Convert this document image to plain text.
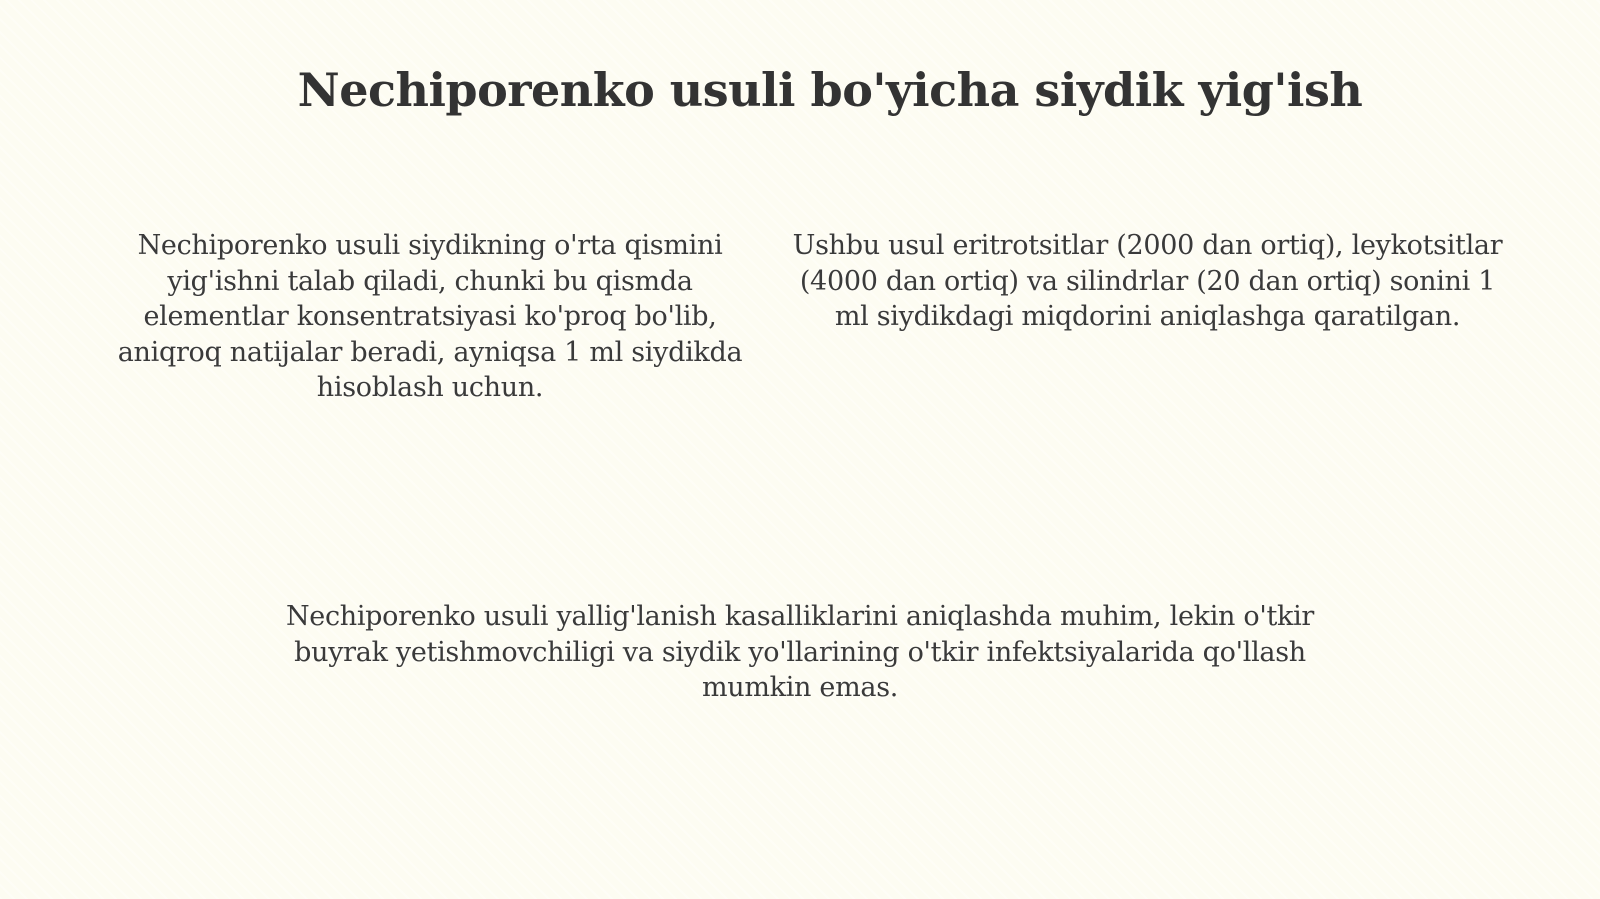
Nechiporenko usuli bo'yicha siydik yig'ish

Nechiporenko usuli siydikning o'rta qismini yig'ishni talab qiladi, chunki bu qismda elementlar konsentratsiyasi ko'proq bo'lib, aniqroq natijalar beradi, ayniqsa 1 ml siydikda hisoblash uchun.

Ushbu usul eritrotsitlar (2000 dan ortiq), leykotsitlar (4000 dan ortiq) va silindrlar (20 dan ortiq) sonini 1 ml siydikdagi miqdorini aniqlashga qaratilgan.

Nechiporenko usuli yallig'lanish kasalliklarini aniqlashda muhim, lekin o'tkir buyrak yetishmovchiligi va siydik yo'llarining o'tkir infektsiyalarida qo'llash mumkin emas.
